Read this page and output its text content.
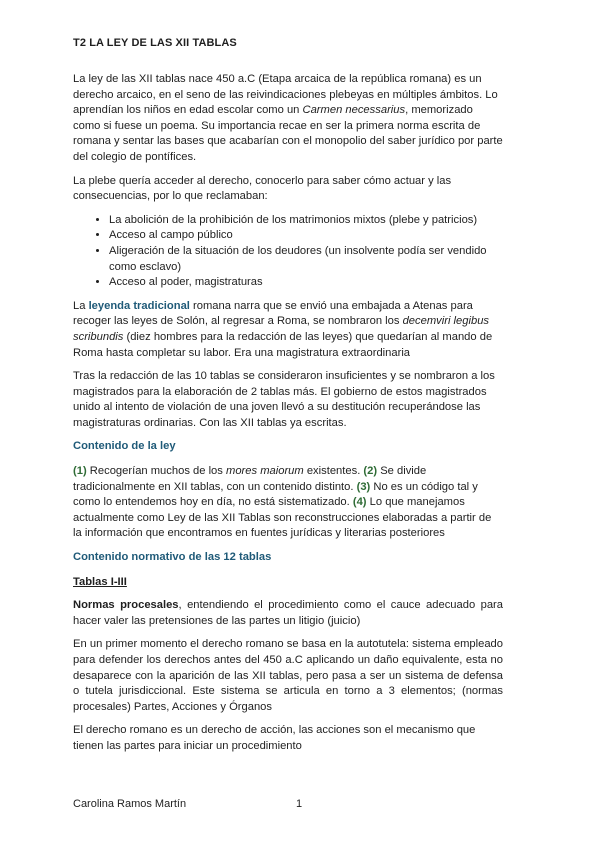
T2 LA LEY DE LAS XII TABLAS

La ley de las XII tablas nace 450 a.C (Etapa arcaica de la república romana) es un derecho arcaico, en el seno de las reivindicaciones plebeyas en múltiples ámbitos. Lo aprendían los niños en edad escolar como un Carmen necessarius, memorizado como si fuese un poema. Su importancia recae en ser la primera norma escrita de romana y sentar las bases que acabarían con el monopolio del saber jurídico por parte del colegio de pontífices.

La plebe quería acceder al derecho, conocerlo para saber cómo actuar y las consecuencias, por lo que reclamaban:

• La abolición de la prohibición de los matrimonios mixtos (plebe y patricios)
• Acceso al campo público
• Aligeración de la situación de los deudores (un insolvente podía ser vendido como esclavo)
• Acceso al poder, magistraturas

La leyenda tradicional romana narra que se envió una embajada a Atenas para recoger las leyes de Solón, al regresar a Roma, se nombraron los decemviri legibus scribundis (diez hombres para la redacción de las leyes) que quedarían al mando de Roma hasta completar su labor. Era una magistratura extraordinaria

Tras la redacción de las 10 tablas se consideraron insuficientes y se nombraron a los magistrados para la elaboración de 2 tablas más. El gobierno de estos magistrados unido al intento de violación de una joven llevó a su destitución recuperándose las magistraturas ordinarias. Con las XII tablas ya escritas.

Contenido de la ley

(1) Recogerían muchos de los mores maiorum existentes. (2) Se divide tradicionalmente en XII tablas, con un contenido distinto. (3) No es un código tal y como lo entendemos hoy en día, no está sistematizado. (4) Lo que manejamos actualmente como Ley de las XII Tablas son reconstrucciones elaboradas a partir de la información que encontramos en fuentes jurídicas y literarias posteriores

Contenido normativo de las 12 tablas
Tablas I-III

Normas procesales, entendiendo el procedimiento como el cauce adecuado para hacer valer las pretensiones de las partes un litigio (juicio)

En un primer momento el derecho romano se basa en la autotutela: sistema empleado para defender los derechos antes del 450 a.C aplicando un daño equivalente, esta no desaparece con la aparición de las XII tablas, pero pasa a ser un sistema de defensa o tutela jurisdiccional. Este sistema se articula en torno a 3 elementos; (normas procesales) Partes, Acciones y Órganos

El derecho romano es un derecho de acción, las acciones son el mecanismo que tienen las partes para iniciar un procedimiento

Carolina Ramos Martín	1
